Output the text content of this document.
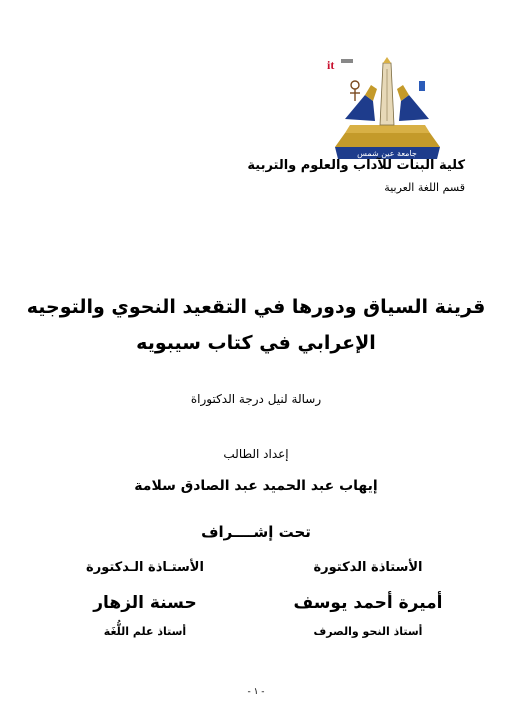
it
جامعة عين شمس
كلية البنات للآداب والعلوم والتربية
قسم اللغة العربية
قرينة السياق ودورها في التقعيد النحوي والتوجيه
الإعرابي في كتاب سيبويه
رسالة لنيل درجة الدكتوراة
إعداد الطالب
إيهاب عبد الحميد عبد الصادق سلامة
تحت إشــــراف
الأستاذة الدكتورة
أميرة أحمد يوسف
أستاذ النحو والصرف
الأستـاذة الـدكتورة
حسنة الزهار
أستاذ علم اللُّغَة
- ١ -
